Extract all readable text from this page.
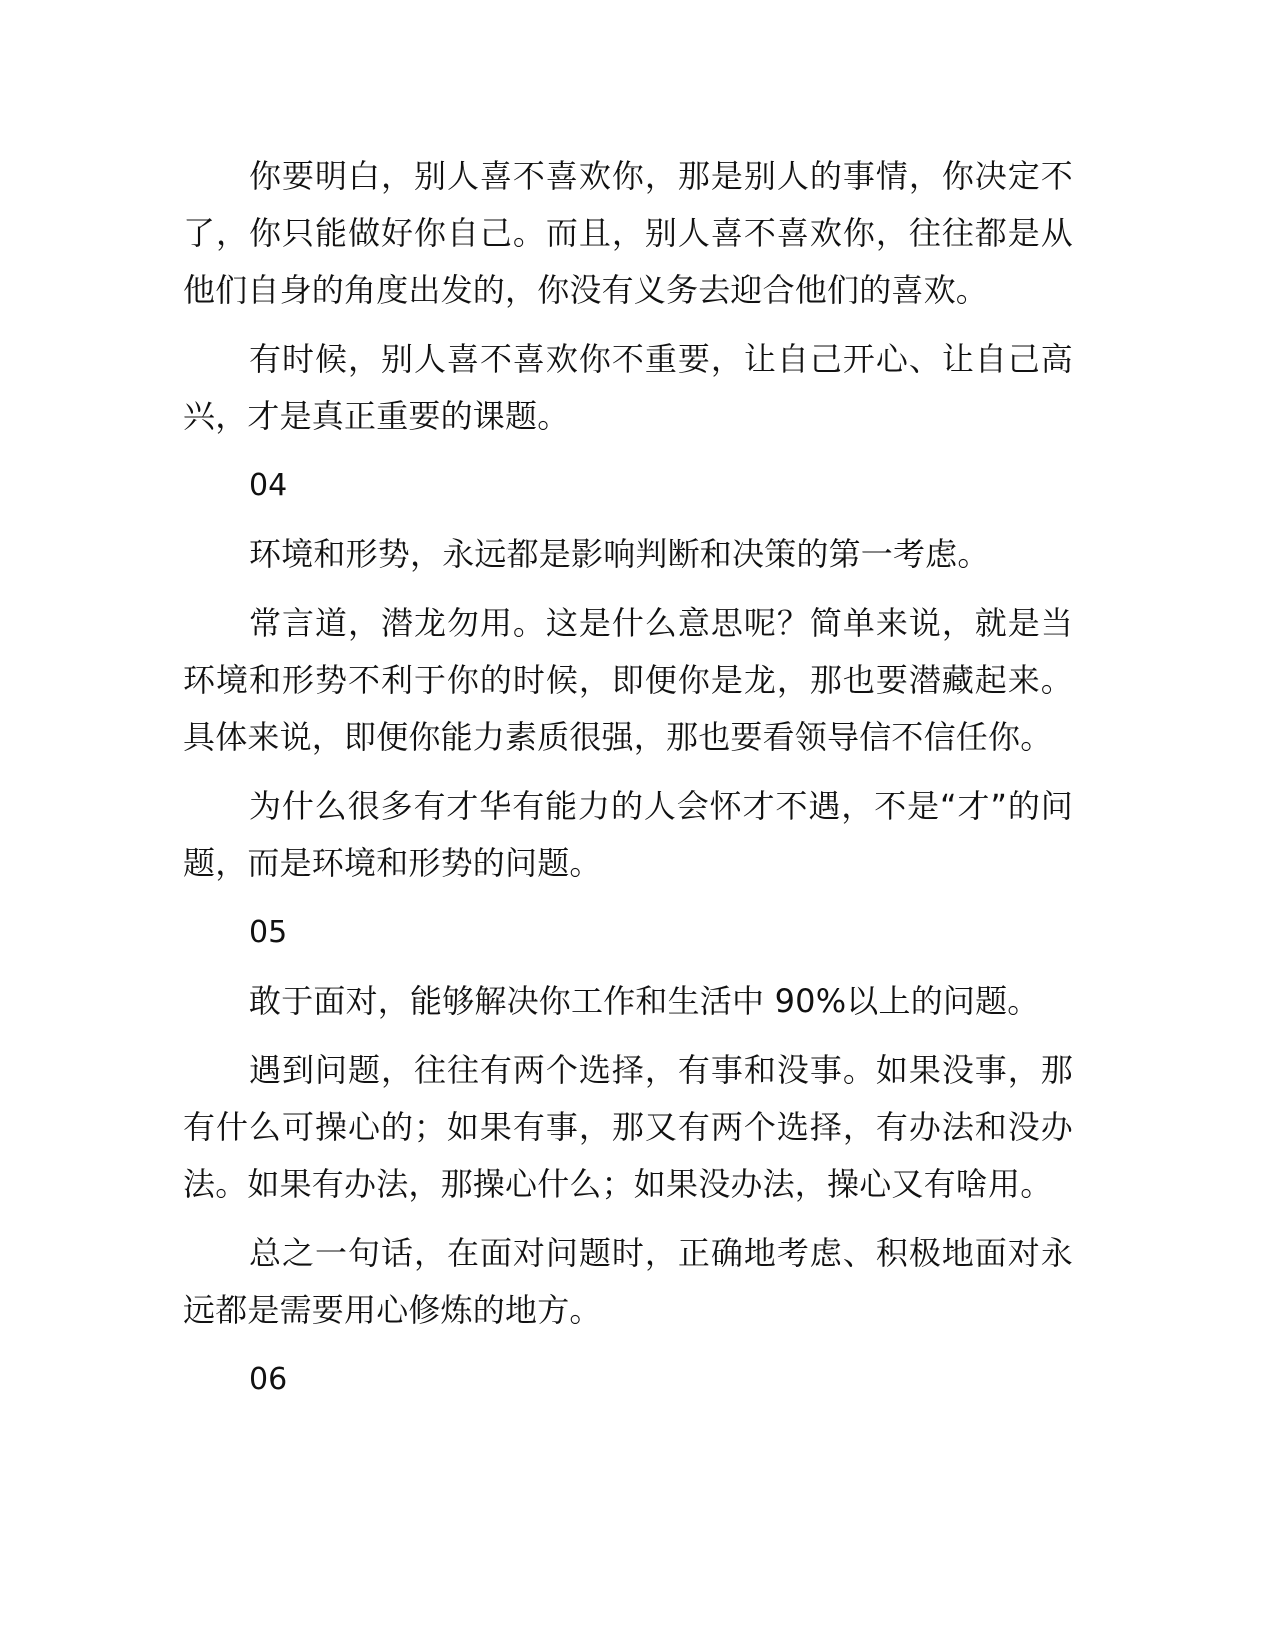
你要明白，别人喜不喜欢你，那是别人的事情，你决定不了，你只能做好你自己。而且，别人喜不喜欢你，往往都是从他们自身的角度出发的，你没有义务去迎合他们的喜欢。

有时候，别人喜不喜欢你不重要，让自己开心、让自己高兴，才是真正重要的课题。

04

环境和形势，永远都是影响判断和决策的第一考虑。

常言道，潜龙勿用。这是什么意思呢？简单来说，就是当环境和形势不利于你的时候，即便你是龙，那也要潜藏起来。具体来说，即便你能力素质很强，那也要看领导信不信任你。

为什么很多有才华有能力的人会怀才不遇，不是“才”的问题，而是环境和形势的问题。

05

敢于面对，能够解决你工作和生活中 90%以上的问题。

遇到问题，往往有两个选择，有事和没事。如果没事，那有什么可操心的；如果有事，那又有两个选择，有办法和没办法。如果有办法，那操心什么；如果没办法，操心又有啥用。

总之一句话，在面对问题时，正确地考虑、积极地面对永远都是需要用心修炼的地方。

06
